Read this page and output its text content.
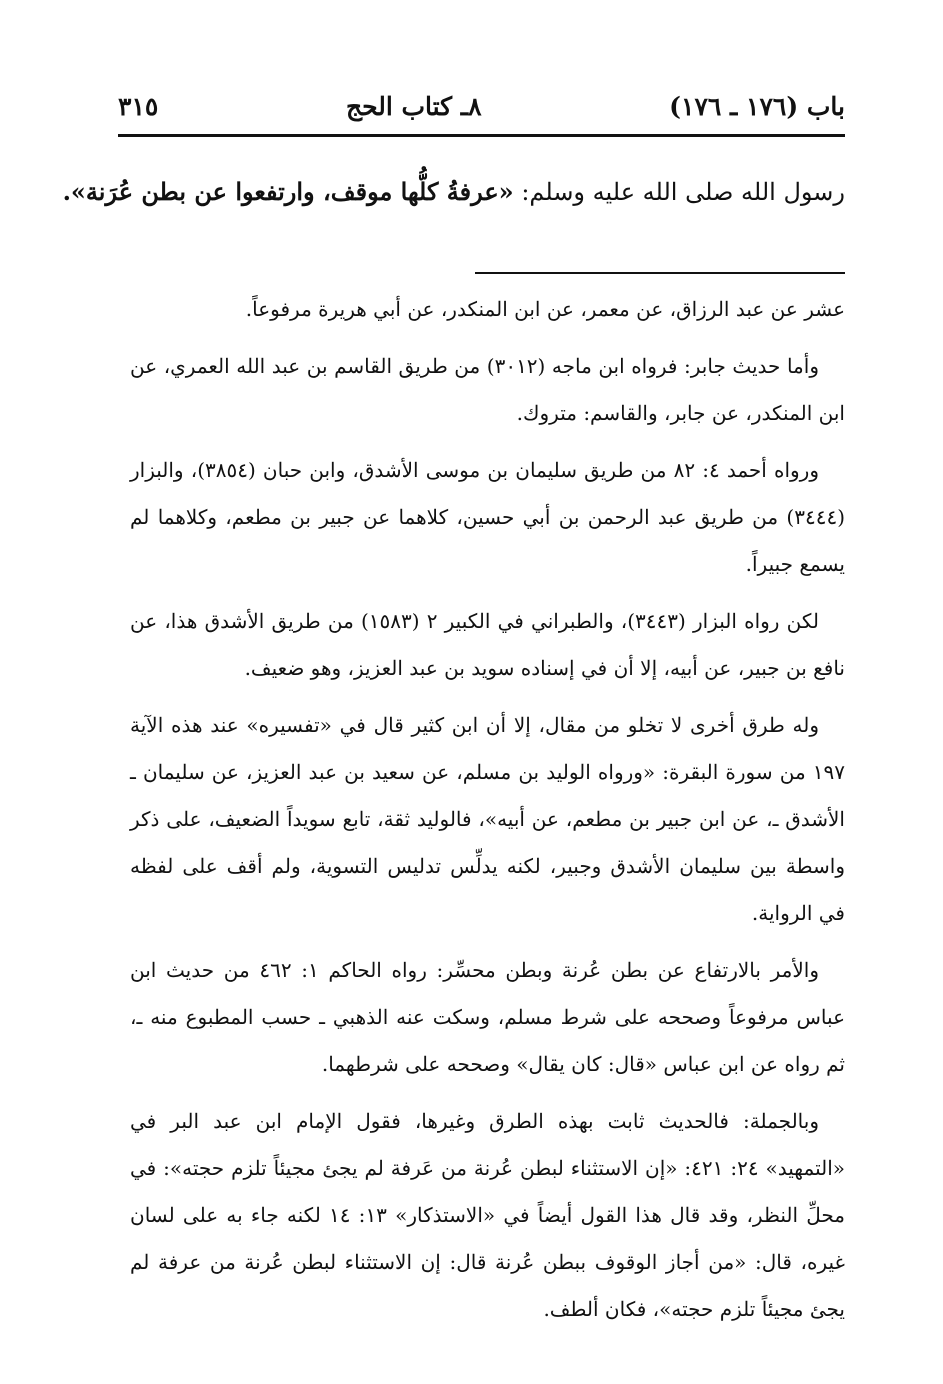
باب (١٧٦ ـ ١٧٦)
٨ـ كتاب الحج
٣١٥
رسول الله صلى الله عليه وسلم: «عرفةُ كلُّها موقف، وارتفعوا عن بطن عُرَنة».

عشر عن عبد الرزاق، عن معمر، عن ابن المنكدر، عن أبي هريرة مرفوعاً.

وأما حديث جابر: فرواه ابن ماجه (٣٠١٢) من طريق القاسم بن عبد الله العمري، عن ابن المنكدر، عن جابر، والقاسم: متروك.

ورواه أحمد ٤: ٨٢ من طريق سليمان بن موسى الأشدق، وابن حبان (٣٨٥٤)، والبزار (٣٤٤٤) من طريق عبد الرحمن بن أبي حسين، كلاهما عن جبير بن مطعم، وكلاهما لم يسمع جبيراً.

لكن رواه البزار (٣٤٤٣)، والطبراني في الكبير ٢ (١٥٨٣) من طريق الأشدق هذا، عن نافع بن جبير، عن أبيه، إلا أن في إسناده سويد بن عبد العزيز، وهو ضعيف.

وله طرق أخرى لا تخلو من مقال، إلا أن ابن كثير قال في «تفسيره» عند هذه الآية ١٩٧ من سورة البقرة: «ورواه الوليد بن مسلم، عن سعيد بن عبد العزيز، عن سليمان ـ الأشدق ـ، عن ابن جبير بن مطعم، عن أبيه»، فالوليد ثقة، تابع سويداً الضعيف، على ذكر واسطة بين سليمان الأشدق وجبير، لكنه يدلِّس تدليس التسوية، ولم أقف على لفظه في الرواية.

والأمر بالارتفاع عن بطن عُرنة وبطن محسِّر: رواه الحاكم ١: ٤٦٢ من حديث ابن عباس مرفوعاً وصححه على شرط مسلم، وسكت عنه الذهبي ـ حسب المطبوع منه ـ، ثم رواه عن ابن عباس «قال: كان يقال» وصححه على شرطهما.

وبالجملة: فالحديث ثابت بهذه الطرق وغيرها، فقول الإمام ابن عبد البر في «التمهيد» ٢٤: ٤٢١: «إن الاستثناء لبطن عُرنة من عَرفة لم يجئ مجيئاً تلزم حجته»: في محلِّ النظر، وقد قال هذا القول أيضاً في «الاستذكار» ١٣: ١٤ لكنه جاء به على لسان غيره، قال: «من أجاز الوقوف ببطن عُرنة قال: إن الاستثناء لبطن عُرنة من عرفة لم يجئ مجيئاً تلزم حجته»، فكان ألطف.
